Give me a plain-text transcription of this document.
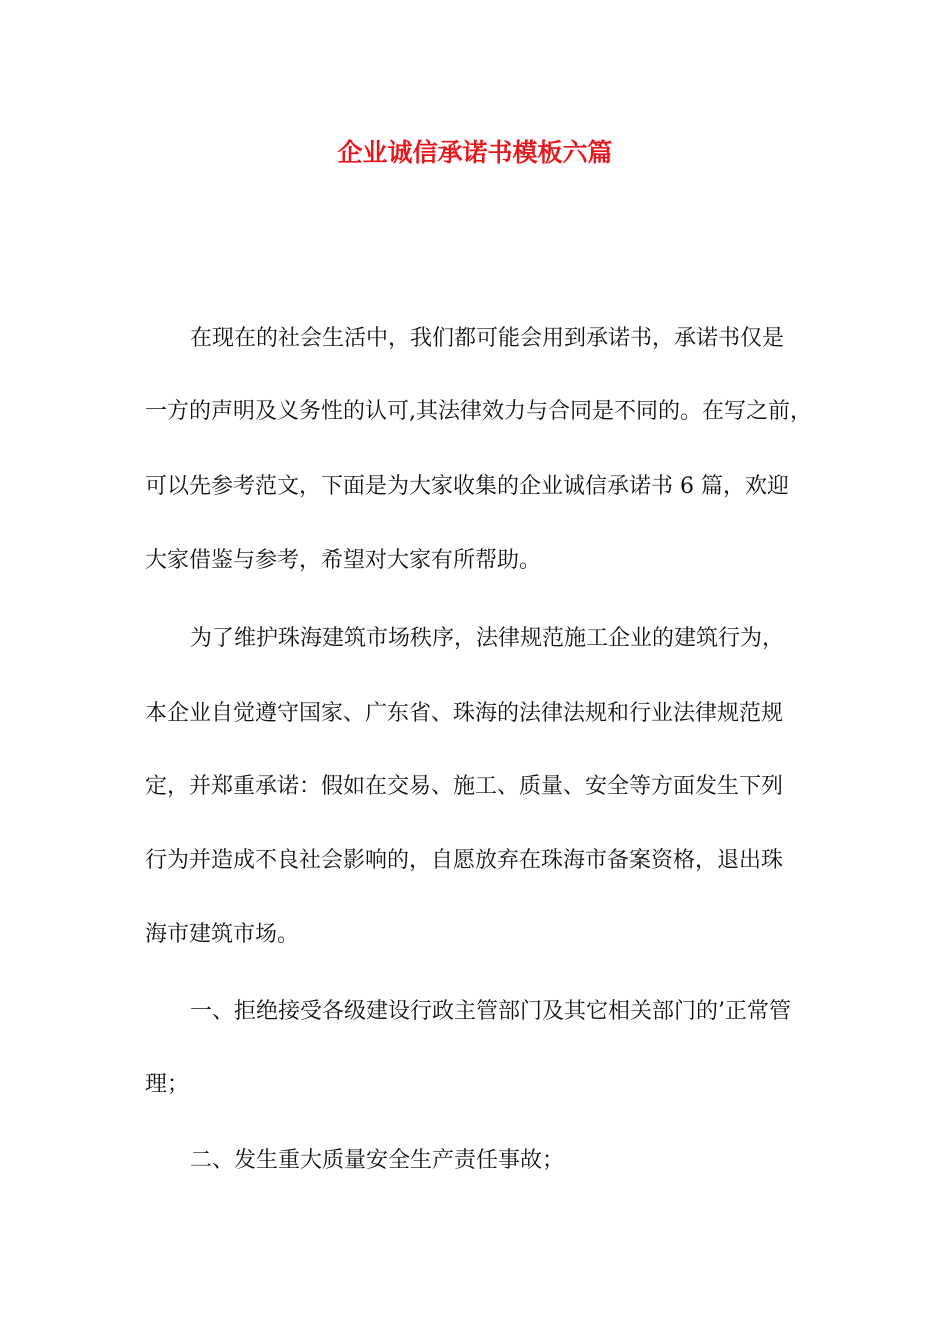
企业诚信承诺书模板六篇

在现在的社会生活中，我们都可能会用到承诺书，承诺书仅是

一方的声明及义务性的认可,其法律效力与合同是不同的。在写之前，

可以先参考范文，下面是为大家收集的企业诚信承诺书 6 篇，欢迎

大家借鉴与参考，希望对大家有所帮助。

为了维护珠海建筑市场秩序，法律规范施工企业的建筑行为，

本企业自觉遵守国家、广东省、珠海的法律法规和行业法律规范规

定，并郑重承诺：假如在交易、施工、质量、安全等方面发生下列

行为并造成不良社会影响的，自愿放弃在珠海市备案资格，退出珠

海市建筑市场。

一、拒绝接受各级建设行政主管部门及其它相关部门的’正常管

理；

二、发生重大质量安全生产责任事故；
